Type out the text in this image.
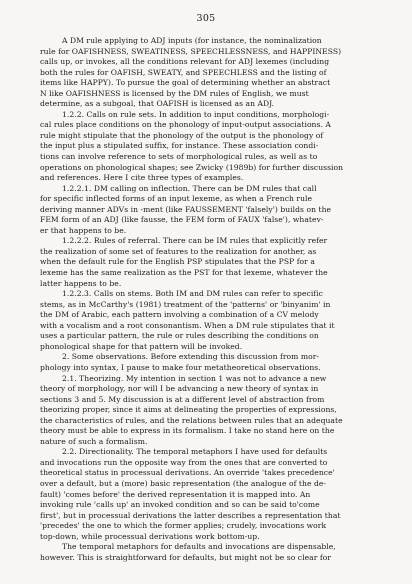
305
A DM rule applying to ADJ inputs (for instance, the nominalization
rule for OAFISHNESS, SWEATINESS, SPEECHLESSNESS, and HAPPINESS)
calls up, or invokes, all the conditions relevant for ADJ lexemes (including
both the rules for OAFISH, SWEATY, and SPEECHLESS and the listing of
items like HAPPY). To pursue the goal of determining whether an abstract
N like OAFISHNESS is licensed by the DM rules of English, we must
determine, as a subgoal, that OAFISH is licensed as an ADJ.
1.2.2. Calls on rule sets. In addition to input conditions, morphologi-
cal rules place conditions on the phonology of input-output associations. A
rule might stipulate that the phonology of the output is the phonology of
the input plus a stipulated suffix, for instance. These association condi-
tions can involve reference to sets of morphological rules, as well as to
operations on phonological shapes; see Zwicky (1989b) for further discussion
and references. Here I cite three types of examples.
1.2.2.1. DM calling on inflection. There can be DM rules that call
for specific inflected forms of an input lexeme, as when a French rule
deriving manner ADVs in -ment (like FAUSSEMENT 'falsely') builds on the
FEM form of an ADJ (like fausse, the FEM form of FAUX 'false'), whatev-
er that happens to be.
1.2.2.2. Rules of referral. There can be IM rules that explicitly refer
the realization of some set of features to the realization for another, as
when the default rule for the English PSP stipulates that the PSP for a
lexeme has the same realization as the PST for that lexeme, whatever the
latter happens to be.
1.2.2.3. Calls on stems. Both IM and DM rules can refer to specific
stems, as in McCarthy's (1981) treatment of the 'patterns' or 'binyanim' in
the DM of Arabic, each pattern involving a combination of a CV melody
with a vocalism and a root consonantism. When a DM rule stipulates that it
uses a particular pattern, the rule or rules describing the conditions on
phonological shape for that pattern will be invoked.
2. Some observations. Before extending this discussion from mor-
phology into syntax, I pause to make four metatheoretical observations.
2.1. Theorizing. My intention in section 1 was not to advance a new
theory of morphology, nor will I be advancing a new theory of syntax in
sections 3 and 5. My discussion is at a different level of abstraction from
theorizing proper, since it aims at delineating the properties of expressions,
the characteristics of rules, and the relations between rules that an adequate
theory must be able to express in its formalism. I take no stand here on the
nature of such a formalism.
2.2. Directionality. The temporal metaphors I have used for defaults
and invocations run the opposite way from the ones that are converted to
theoretical status in processual derivations. An override 'takes precedence'
over a default, but a (more) basic representation (the analogue of the de-
fault) 'comes before' the derived representation it is mapped into. An
invoking rule 'calls up' an invoked condition and so can be said to'come
first', but in processual derivations the latter describes a representation that
'precedes' the one to which the former applies; crudely, invocations work
top-down, while processual derivations work bottom-up.
The temporal metaphors for defaults and invocations are dispensable,
however. This is straightforward for defaults, but might not be so clear for
